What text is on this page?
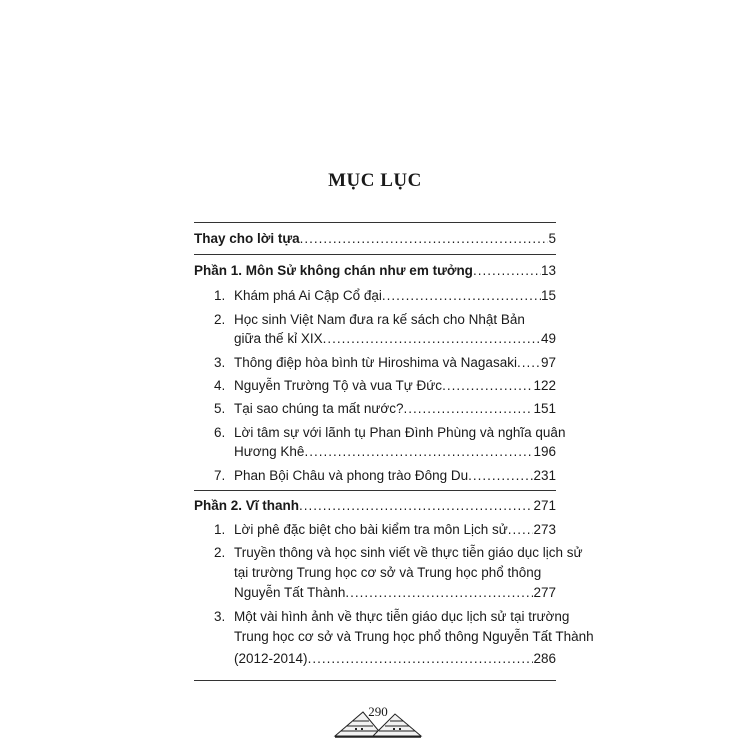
MỤC LỤC
Thay cho lời tựa .....	5
Phần 1. Môn Sử không chán như em tưởng .....	13
1. Khám phá Ai Cập Cổ đại .....	15
2. Học sinh Việt Nam đưa ra kế sách cho Nhật Bản
giữa thế kỉ XIX .....	49
3. Thông điệp hòa bình từ Hiroshima và Nagasaki ..... 97
4. Nguyễn Trường Tộ và vua Tự Đức .....	122
5. Tại sao chúng ta mất nước? .....	151
6. Lời tâm sự với lãnh tụ Phan Đình Phùng và nghĩa quân
Hương Khê .....	196
7. Phan Bội Châu và phong trào Đông Du .....	231
Phần 2. Vĩ thanh .....	271
1. Lời phê đặc biệt cho bài kiểm tra môn Lịch sử ..... 273
2. Truyền thông và học sinh viết về thực tiễn giáo dục lịch sử
tại trường Trung học cơ sở và Trung học phổ thông
Nguyễn Tất Thành .....	277
3. Một vài hình ảnh về thực tiễn giáo dục lịch sử tại trường
Trung học cơ sở và Trung học phổ thông Nguyễn Tất Thành
(2012-2014) .....	286
290
